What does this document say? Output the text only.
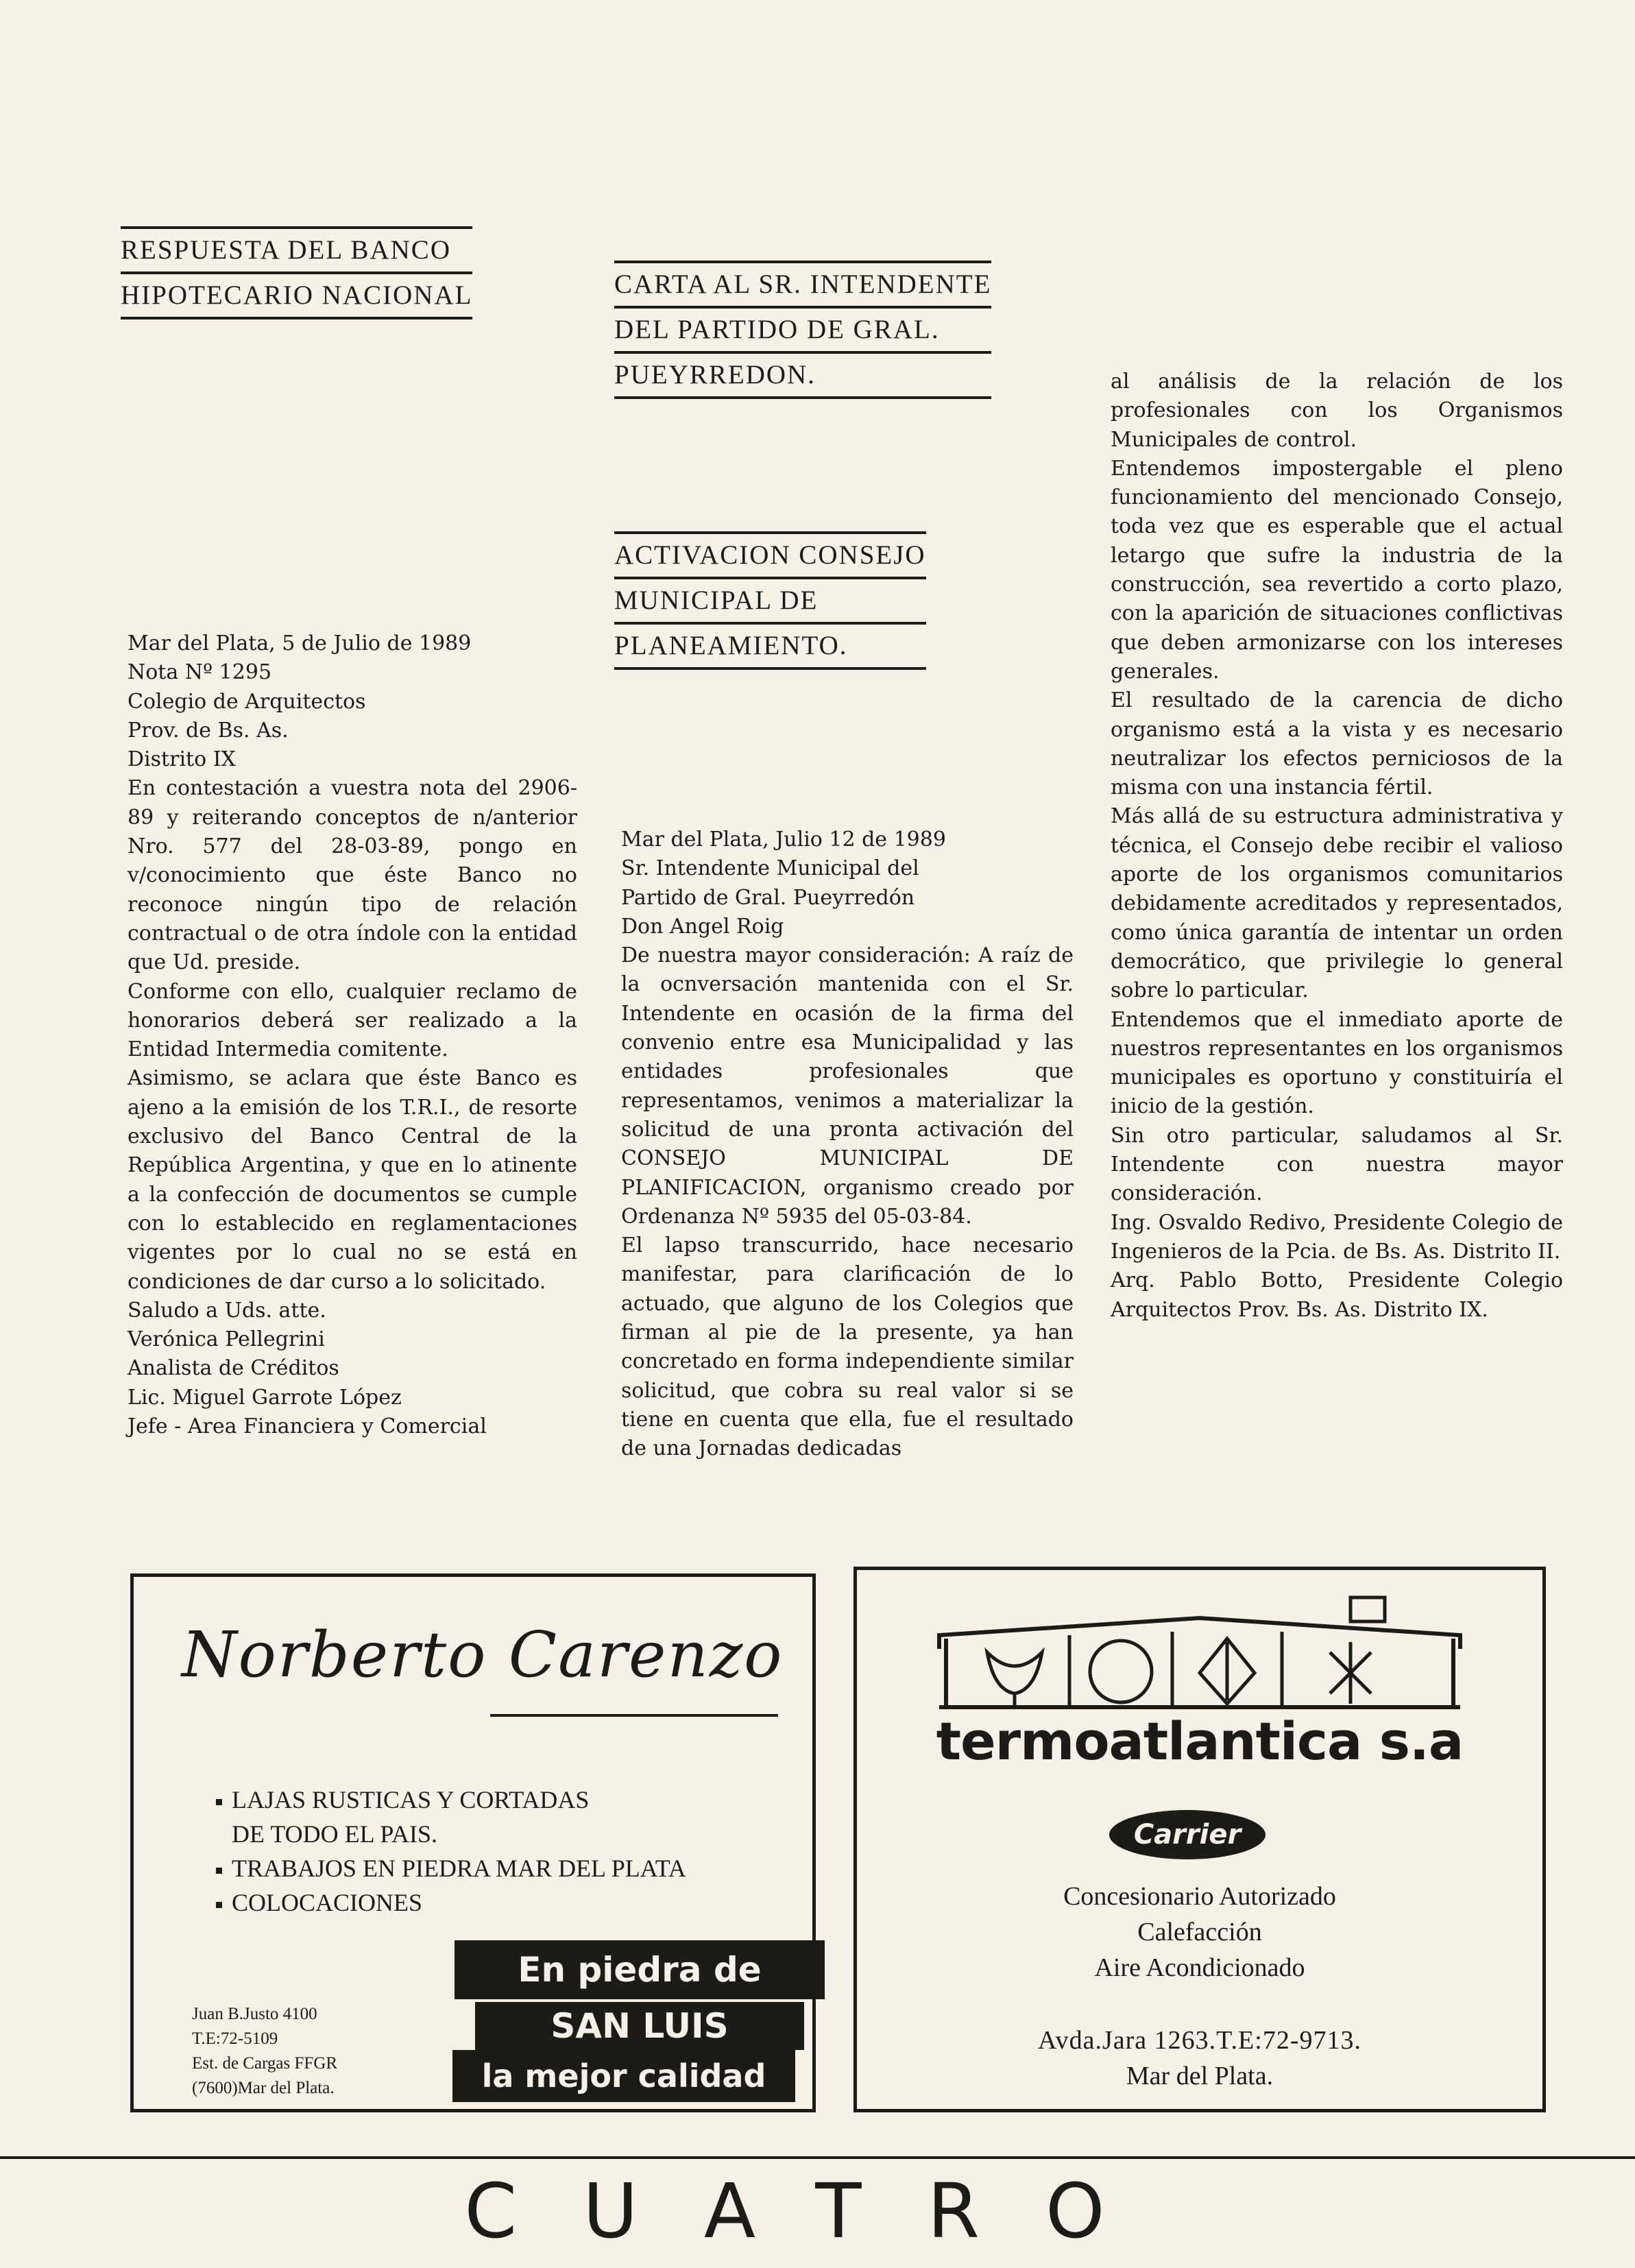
RESPUESTA DEL BANCO
HIPOTECARIO NACIONAL	CARTA AL SR. INTENDENTE
DEL PARTIDO DE GRAL.
PUEYRREDON.
ACTIVACION CONSEJO
MUNICIPAL DE
PLANEAMIENTO.

Mar del Plata, 5 de Julio de 1989
Nota Nº 1295
Colegio de Arquitectos
Prov. de Bs. As.
Distrito IX

En contestación a vuestra nota del 2906-89 y reiterando conceptos de n/anterior Nro. 577 del 28-03-89, pongo en v/conocimiento que éste Banco no reconoce ningún tipo de relación contractual o de otra índole con la entidad que Ud. preside.

Conforme con ello, cualquier reclamo de honorarios deberá ser realizado a la Entidad Intermedia comitente.

Asimismo, se aclara que éste Banco es ajeno a la emisión de los T.R.I., de resorte exclusivo del Banco Central de la República Argentina, y que en lo atinente a la confección de documentos se cumple con lo establecido en reglamentaciones vigentes por lo cual no se está en condiciones de dar curso a lo solicitado.

Saludo a Uds. atte.
Verónica Pellegrini
Analista de Créditos
Lic. Miguel Garrote López
Jefe - Area Financiera y Comercial

Mar del Plata, Julio 12 de 1989
Sr. Intendente Municipal del
Partido de Gral. Pueyrredón
Don Angel Roig

De nuestra mayor consideración: A raíz de la ocnversación mantenida con el Sr. Intendente en ocasión de la firma del convenio entre esa Municipalidad y las entidades profesionales que representamos, venimos a materializar la solicitud de una pronta activación del CONSEJO MUNICIPAL DE PLANIFICACION, organismo creado por Ordenanza Nº 5935 del 05-03-84.

El lapso transcurrido, hace necesario manifestar, para clarificación de lo actuado, que alguno de los Colegios que firman al pie de la presente, ya han concretado en forma independiente similar solicitud, que cobra su real valor si se tiene en cuenta que ella, fue el resultado de una Jornadas dedicadas

al análisis de la relación de los profesionales con los Organismos Municipales de control.

Entendemos impostergable el pleno funcionamiento del mencionado Consejo, toda vez que es esperable que el actual letargo que sufre la industria de la construcción, sea revertido a corto plazo, con la aparición de situaciones conflictivas que deben armonizarse con los intereses generales.

El resultado de la carencia de dicho organismo está a la vista y es necesario neutralizar los efectos perniciosos de la misma con una instancia fértil.

Más allá de su estructura administrativa y técnica, el Consejo debe recibir el valioso aporte de los organismos comunitarios debidamente acreditados y representados, como única garantía de intentar un orden democrático, que privilegie lo general sobre lo particular.

Entendemos que el inmediato aporte de nuestros representantes en los organismos municipales es oportuno y constituiría el inicio de la gestión.

Sin otro particular, saludamos al Sr. Intendente con nuestra mayor consideración.

Ing. Osvaldo Redivo, Presidente Colegio de Ingenieros de la Pcia. de Bs. As. Distrito II.

Arq. Pablo Botto, Presidente Colegio Arquitectos Prov. Bs. As. Distrito IX.

Norberto Carenzo
LAJAS RUSTICAS Y CORTADAS
DE TODO EL PAIS.
TRABAJOS EN PIEDRA MAR DEL PLATA
COLOCACIONES
En piedra de
SAN LUIS
Juan B.Justo 4100
T.E:72-5109
Est. de Cargas FFGR
(7600)Mar del Plata.	la mejor calidad
termoatlantica s.a
Carrier
Concesionario Autorizado
Calefacción
Aire Acondicionado
Avda.Jara 1263.T.E:72-9713.
Mar del Plata.
CUATRO
